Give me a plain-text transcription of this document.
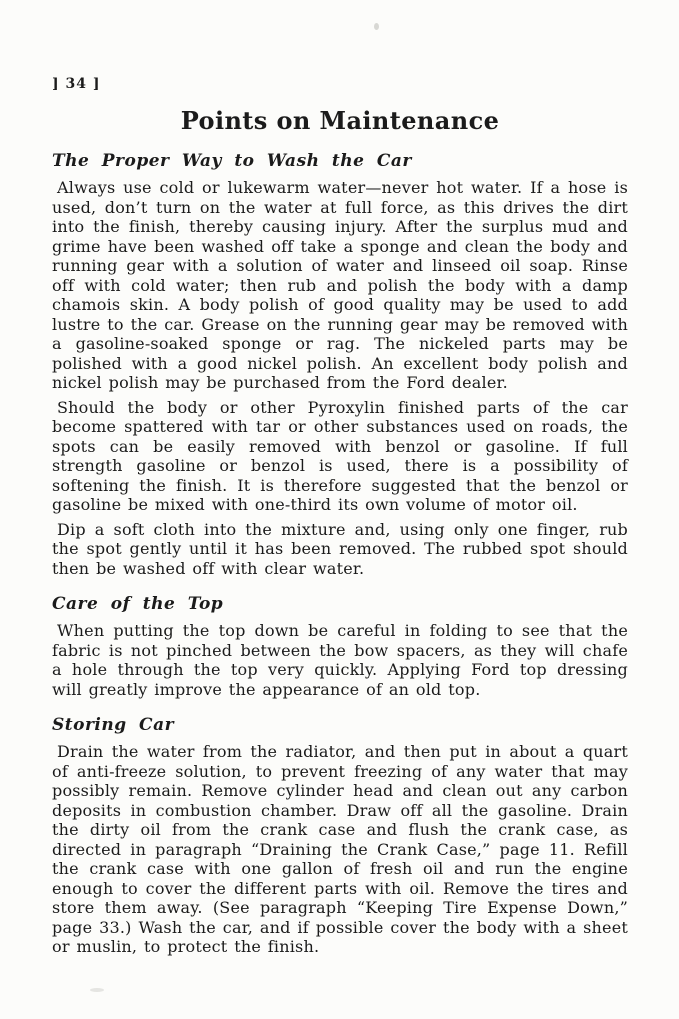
] 34 ]
Points on Maintenance
The Proper Way to Wash the Car

Always use cold or lukewarm water—never hot water. If a hose is used, don’t turn on the water at full force, as this drives the dirt into the finish, thereby causing injury. After the surplus mud and grime have been washed off take a sponge and clean the body and running gear with a solution of water and linseed oil soap. Rinse off with cold water; then rub and polish the body with a damp chamois skin. A body polish of good quality may be used to add lustre to the car. Grease on the running gear may be removed with a gasoline-soaked sponge or rag. The nickeled parts may be polished with a good nickel polish. An excellent body polish and nickel polish may be purchased from the Ford dealer.

Should the body or other Pyroxylin finished parts of the car become spattered with tar or other substances used on roads, the spots can be easily removed with benzol or gasoline. If full strength gasoline or benzol is used, there is a possibility of softening the finish. It is therefore suggested that the benzol or gasoline be mixed with one-third its own volume of motor oil.

Dip a soft cloth into the mixture and, using only one finger, rub the spot gently until it has been removed. The rubbed spot should then be washed off with clear water.

Care of the Top

When putting the top down be careful in folding to see that the fabric is not pinched between the bow spacers, as they will chafe a hole through the top very quickly. Applying Ford top dressing will greatly improve the appearance of an old top.

Storing Car

Drain the water from the radiator, and then put in about a quart of anti-freeze solution, to prevent freezing of any water that may possibly remain. Remove cylinder head and clean out any carbon deposits in combustion chamber. Draw off all the gasoline. Drain the dirty oil from the crank case and flush the crank case, as directed in paragraph “Draining the Crank Case,” page 11. Refill the crank case with one gallon of fresh oil and run the engine enough to cover the different parts with oil. Remove the tires and store them away. (See paragraph “Keeping Tire Expense Down,” page 33.) Wash the car, and if possible cover the body with a sheet or muslin, to protect the finish.
